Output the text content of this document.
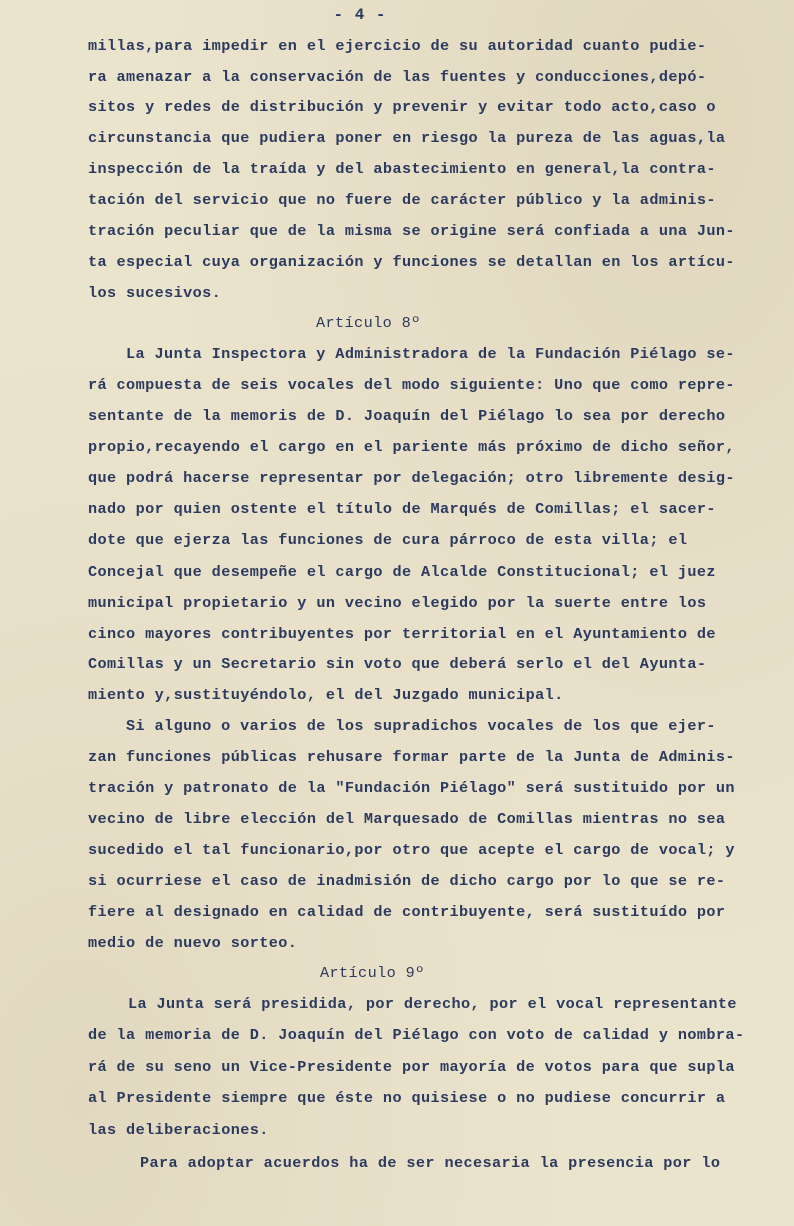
- 4 -
millas,para impedir en el ejercicio de su autoridad cuanto pudie-
ra amenazar a la conservación de las fuentes y conducciones,depó-
sitos y redes de distribución y prevenir y evitar todo acto,caso o
circunstancia que pudiera poner en riesgo la pureza de las aguas,la
inspección de la traída y del abastecimiento en general,la contra-
tación del servicio que no fuere de carácter público y la adminis-
tración peculiar que de la misma se origine será confiada a una Jun-
ta especial cuya organización y funciones se detallan en los artícu-
los sucesivos.
Artículo 8º
La Junta Inspectora y Administradora de la Fundación Piélago se-
rá compuesta de seis vocales del modo siguiente: Uno que como repre-
sentante de la memoris de D. Joaquín del Piélago lo sea por derecho
propio,recayendo el cargo en el pariente más próximo de dicho señor,
que podrá hacerse representar por delegación; otro libremente desig-
nado por quien ostente el título de Marqués de Comillas; el sacer-
dote que ejerza las funciones de cura párroco de esta villa; el
Concejal que desempeñe el cargo de Alcalde Constitucional; el juez
municipal propietario y un vecino elegido por la suerte entre los
cinco mayores contribuyentes por territorial en el Ayuntamiento de
Comillas y un Secretario sin voto que deberá serlo el del Ayunta-
miento y,sustituyéndolo, el del Juzgado municipal.
Si alguno o varios de los supradichos vocales de los que ejer-
zan funciones públicas rehusare formar parte de la Junta de Adminis-
tración y patronato de la "Fundación Piélago" será sustituido por un
vecino de libre elección del Marquesado de Comillas mientras no sea
sucedido el tal funcionario,por otro que acepte el cargo de vocal; y
si ocurriese el caso de inadmisión de dicho cargo por lo que se re-
fiere al designado en calidad de contribuyente, será sustituído por
medio de nuevo sorteo.
Artículo 9º
La Junta será presidida, por derecho, por el vocal representante
de la memoria de D. Joaquín del Piélago con voto de calidad y nombra-
rá de su seno un Vice-Presidente por mayoría de votos para que supla
al Presidente siempre que éste no quisiese o no pudiese concurrir a
las deliberaciones.
Para adoptar acuerdos ha de ser necesaria la presencia por lo
